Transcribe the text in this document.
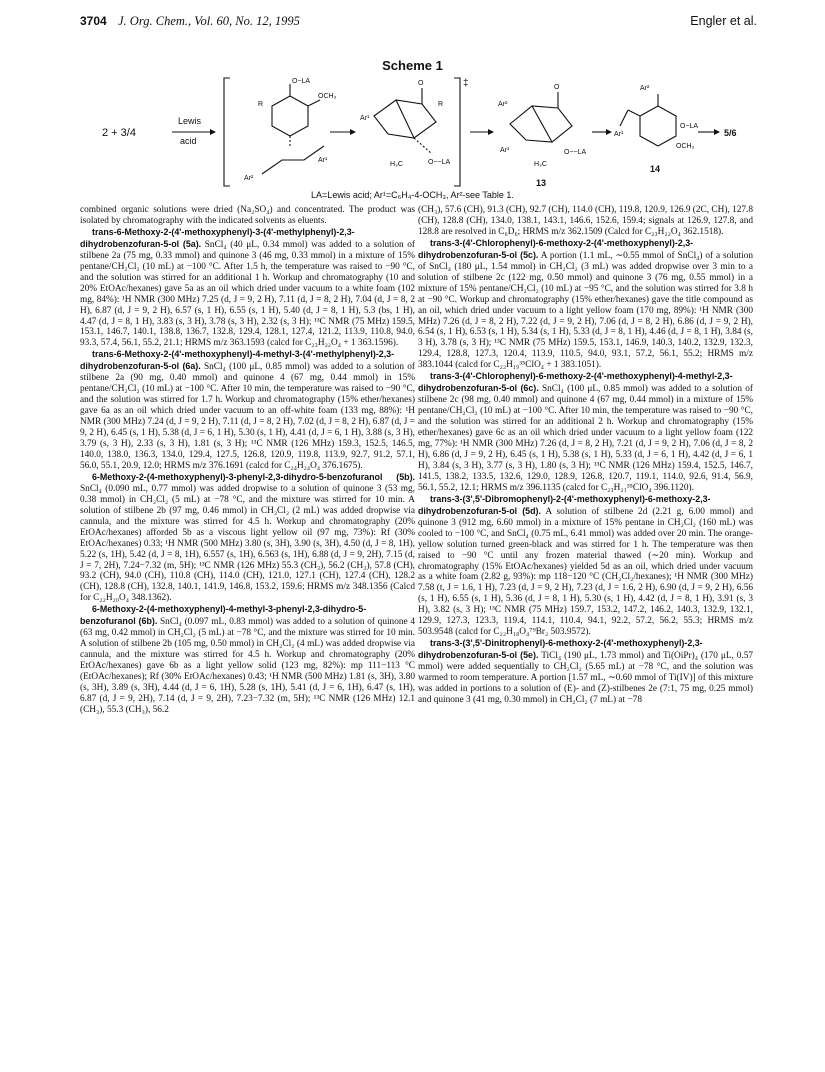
3704 J. Org. Chem., Vol. 60, No. 12, 1995	Engler et al.
Scheme 1
2 + 3/4
Lewis
acid
O−LA
OCH₃
R
Ar¹
Ar²
O
O−−LA
H₃C
Ar¹
R
‡	O
Ar²
Ar¹	O−−LA
H₃C
13
Ar²
Ar¹
O−LA
OCH₃
14
5/6
LA=Lewis acid; Ar¹=C₆H₄-4-OCH₃, Ar²-see Table 1.

combined organic solutions were dried (Na₂SO₄) and concentrated. The product was isolated by chromatography with the indicated solvents as eluents.

trans-6-Methoxy-2-(4'-methoxyphenyl)-3-(4'-methylphenyl)-2,3-dihydrobenzofuran-5-ol (5a). SnCl₄ (40 μL, 0.34 mmol) was added to a solution of stilbene 2a (75 mg, 0.33 mmol) and quinone 3 (46 mg, 0.33 mmol) in a mixture of 15% pentane/CH₂Cl₂ (10 mL) at −100 °C. After 1.5 h, the temperature was raised to −90 °C, and the solution was stirred for an additional 1 h. Workup and chromatography (10 and 20% EtOAc/hexanes) gave 5a as an oil which dried under vacuum to a white foam (102 mg, 84%): ¹H NMR (300 MHz) 7.25 (d, J = 9, 2 H), 7.11 (d, J = 8, 2 H), 7.04 (d, J = 8, 2 H), 6.87 (d, J = 9, 2 H), 6.57 (s, 1 H), 6.55 (s, 1 H), 5.40 (d, J = 8, 1 H), 5.3 (bs, 1 H), 4.47 (d, J = 8, 1 H), 3.83 (s, 3 H), 3.78 (s, 3 H), 2.32 (s, 3 H); ¹³C NMR (75 MHz) 159.5, 153.1, 146.7, 140.1, 138.8, 136.7, 132.8, 129.4, 128.1, 127.4, 121.2, 113.9, 110.8, 94.0, 93.3, 57.4, 56.1, 55.2, 21.1; HRMS m/z 363.1593 (calcd for C₂₃H₂₂O₄ + 1 363.1596).

trans-6-Methoxy-2-(4'-methoxyphenyl)-4-methyl-3-(4'-methylphenyl)-2,3-dihydrobenzofuran-5-ol (6a). SnCl₄ (100 μL, 0.85 mmol) was added to a solution of stilbene 2a (90 mg, 0.40 mmol) and quinone 4 (67 mg, 0.44 mmol) in 15% pentane/CH₂Cl₂ (10 mL) at −100 °C. After 10 min, the temperature was raised to −90 °C, and the solution was stirred for 1.7 h. Workup and chromatography (15% ether/hexanes) gave 6a as an oil which dried under vacuum to an off-white foam (133 mg, 88%): ¹H NMR (300 MHz) 7.24 (d, J = 9, 2 H), 7.11 (d, J = 8, 2 H), 7.02 (d, J = 8, 2 H), 6.87 (d, J = 9, 2 H), 6.45 (s, 1 H), 5.38 (d, J = 6, 1 H), 5.30 (s, 1 H), 4.41 (d, J = 6, 1 H), 3.88 (s, 3 H), 3.79 (s, 3 H), 2.33 (s, 3 H), 1.81 (s, 3 H); ¹³C NMR (126 MHz) 159.3, 152.5, 146.5, 140.0, 138.0, 136.3, 134.0, 129.4, 127.5, 126.8, 120.9, 119.8, 113.9, 92.7, 91.2, 57.1, 56.0, 55.1, 20.9, 12.0; HRMS m/z 376.1691 (calcd for C₂₄H₂₄O₄ 376.1675).

6-Methoxy-2-(4-methoxyphenyl)-3-phenyl-2,3-dihydro-5-benzofuranol (5b). SnCl₄ (0.090 mL, 0.77 mmol) was added dropwise to a solution of quinone 3 (53 mg, 0.38 mmol) in CH₂Cl₂ (5 mL) at −78 °C, and the mixture was stirred for 10 min. A solution of stilbene 2b (97 mg, 0.46 mmol) in CH₂Cl₂ (2 mL) was added dropwise via cannula, and the mixture was stirred for 4.5 h. Workup and chromatography (20% EtOAc/hexanes) afforded 5b as a viscous light yellow oil (97 mg, 73%): Rf (30% EtOAc/hexanes) 0.33; ¹H NMR (500 MHz) 3.80 (s, 3H), 3.90 (s, 3H), 4.50 (d, J = 8, 1H), 5.22 (s, 1H), 5.42 (d, J = 8, 1H), 6.557 (s, 1H), 6.563 (s, 1H), 6.88 (d, J = 9, 2H), 7.15 (d, J = 7, 2H), 7.24−7.32 (m, 5H); ¹³C NMR (126 MHz) 55.3 (CH₃), 56.2 (CH₃), 57.8 (CH), 93.2 (CH), 94.0 (CH), 110.8 (CH), 114.0 (CH), 121.0, 127.1 (CH), 127.4 (CH), 128.2 (CH), 128.8 (CH), 132.8, 140.1, 141.9, 146.8, 153.2, 159.6; HRMS m/z 348.1356 (Calcd for C₂₂H₂₀O₄ 348.1362).

6-Methoxy-2-(4-methoxyphenyl)-4-methyl-3-phenyl-2,3-dihydro-5-benzofuranol (6b). SnCl₄ (0.097 mL, 0.83 mmol) was added to a solution of quinone 4 (63 mg, 0.42 mmol) in CH₂Cl₂ (5 mL) at −78 °C, and the mixture was stirred for 10 min. A solution of stilbene 2b (105 mg, 0.50 mmol) in CH₂Cl₂ (4 mL) was added dropwise via cannula, and the mixture was stirred for 4.5 h. Workup and chromatography (20% EtOAc/hexanes) gave 6b as a light yellow solid (123 mg, 82%): mp 111−113 °C (EtOAc/hexanes); Rf (30% EtOAc/hexanes) 0.43; ¹H NMR (500 MHz) 1.81 (s, 3H), 3.80 (s, 3H), 3.89 (s, 3H), 4.44 (d, J = 6, 1H), 5.28 (s, 1H), 5.41 (d, J = 6, 1H), 6.47 (s, 1H), 6.87 (d, J = 9, 2H), 7.14 (d, J = 9, 2H), 7.23−7.32 (m, 5H); ¹³C NMR (126 MHz) 12.1 (CH₃), 55.3 (CH₃), 56.2

(CH₃), 57.6 (CH), 91.3 (CH), 92.7 (CH), 114.0 (CH), 119.8, 120.9, 126.9 (2C, CH), 127.8 (CH), 128.8 (CH), 134.0, 138.1, 143.1, 146.6, 152.6, 159.4; signals at 126.9, 127.8, and 128.8 are resolved in C₆D₆; HRMS m/z 362.1509 (Calcd for C₂₃H₂₂O₄ 362.1518).

trans-3-(4'-Chlorophenyl)-6-methoxy-2-(4'-methoxyphenyl)-2,3-dihydrobenzofuran-5-ol (5c). A portion (1.1 mL, ∼0.55 mmol of SnCl₄) of a solution of SnCl₄ (180 μL, 1.54 mmol) in CH₂Cl₂ (3 mL) was added dropwise over 3 min to a solution of stilbene 2c (122 mg, 0.50 mmol) and quinone 3 (76 mg, 0.55 mmol) in a mixture of 15% pentane/CH₂Cl₂ (10 mL) at −95 °C, and the solution was stirred for 3.8 h at −90 °C. Workup and chromatography (15% ether/hexanes) gave the title compound as an oil, which dried under vacuum to a light yellow foam (170 mg, 89%): ¹H NMR (300 MHz) 7.26 (d, J = 8, 2 H), 7.22 (d, J = 9, 2 H), 7.06 (d, J = 8, 2 H), 6.86 (d, J = 9, 2 H), 6.54 (s, 1 H), 6.53 (s, 1 H), 5.34 (s, 1 H), 5.33 (d, J = 8, 1 H), 4.46 (d, J = 8, 1 H), 3.84 (s, 3 H), 3.78 (s, 3 H); ¹³C NMR (75 MHz) 159.5, 153.1, 146.9, 140.3, 140.2, 132.9, 132.3, 129.4, 128.8, 127.3, 120.4, 113.9, 110.5, 94.0, 93.1, 57.2, 56.1, 55.2; HRMS m/z 383.1044 (calcd for C₂₂H₁₉³⁵ClO₄ + 1 383.1051).

trans-3-(4'-Chlorophenyl)-6-methoxy-2-(4'-methoxyphenyl)-4-methyl-2,3-dihydrobenzofuran-5-ol (6c). SnCl₄ (100 μL, 0.85 mmol) was added to a solution of stilbene 2c (98 mg, 0.40 mmol) and quinone 4 (67 mg, 0.44 mmol) in a mixture of 15% pentane/CH₂Cl₂ (10 mL) at −100 °C. After 10 min, the temperature was raised to −90 °C, and the solution was stirred for an additional 2 h. Workup and chromatography (15% ether/hexanes) gave 6c as an oil which dried under vacuum to a light yellow foam (122 mg, 77%): ¹H NMR (300 MHz) 7.26 (d, J = 8, 2 H), 7.21 (d, J = 9, 2 H), 7.06 (d, J = 8, 2 H), 6.86 (d, J = 9, 2 H), 6.45 (s, 1 H), 5.38 (s, 1 H), 5.33 (d, J = 6, 1 H), 4.42 (d, J = 6, 1 H), 3.84 (s, 3 H), 3.77 (s, 3 H), 1.80 (s, 3 H); ¹³C NMR (126 MHz) 159.4, 152.5, 146.7, 141.5, 138.2, 133.5, 132.6, 129.0, 128.9, 126.8, 120.7, 119.1, 114.0, 92.6, 91.4, 56.9, 56.1, 55.2, 12.1; HRMS m/z 396.1135 (calcd for C₂₃H₂₁³⁵ClO₄ 396.1120).

trans-3-(3',5'-Dibromophenyl)-2-(4'-methoxyphenyl)-6-methoxy-2,3-dihydrobenzofuran-5-ol (5d). A solution of stilbene 2d (2.21 g, 6.00 mmol) and quinone 3 (912 mg, 6.60 mmol) in a mixture of 15% pentane in CH₂Cl₂ (160 mL) was cooled to −100 °C, and SnCl₄ (0.75 mL, 6.41 mmol) was added over 20 min. The orange-yellow solution turned green-black and was stirred for 1 h. The temperature was then raised to −90 °C until any frozen material thawed (∼20 min). Workup and chromatography (15% EtOAc/hexanes) yielded 5d as an oil, which dried under vacuum as a white foam (2.82 g, 93%): mp 118−120 °C (CH₂Cl₂/hexanes); ¹H NMR (300 MHz) 7.58 (t, J = 1.6, 1 H), 7.23 (d, J = 9, 2 H), 7.23 (d, J = 1.6, 2 H), 6.90 (d, J = 9, 2 H), 6.56 (s, 1 H), 6.55 (s, 1 H), 5.36 (d, J = 8, 1 H), 5.30 (s, 1 H), 4.42 (d, J = 8, 1 H), 3.91 (s, 3 H), 3.82 (s, 3 H); ¹³C NMR (75 MHz) 159.7, 153.2, 147.2, 146.2, 140.3, 132.9, 132.1, 129.9, 127.3, 123.3, 119.4, 114.1, 110.4, 94.1, 92.2, 57.2, 56.2, 55.3; HRMS m/z 503.9548 (calcd for C₂₂H₁₈O₄⁷⁹Br₂ 503.9572).

trans-3-(3',5'-Dinitrophenyl)-6-methoxy-2-(4'-methoxyphenyl)-2,3-dihydrobenzofuran-5-ol (5e). TiCl₄ (190 μL, 1.73 mmol) and Ti(OiPr)₄ (170 μL, 0.57 mmol) were added sequentially to CH₂Cl₂ (5.65 mL) at −78 °C, and the solution was warmed to room temperature. A portion [1.57 mL, ∼0.60 mmol of Ti(IV)] of this mixture was added in portions to a solution of (E)- and (Z)-stilbenes 2e (7:1, 75 mg, 0.25 mmol) and quinone 3 (41 mg, 0.30 mmol) in CH₂Cl₂ (7 mL) at −78
